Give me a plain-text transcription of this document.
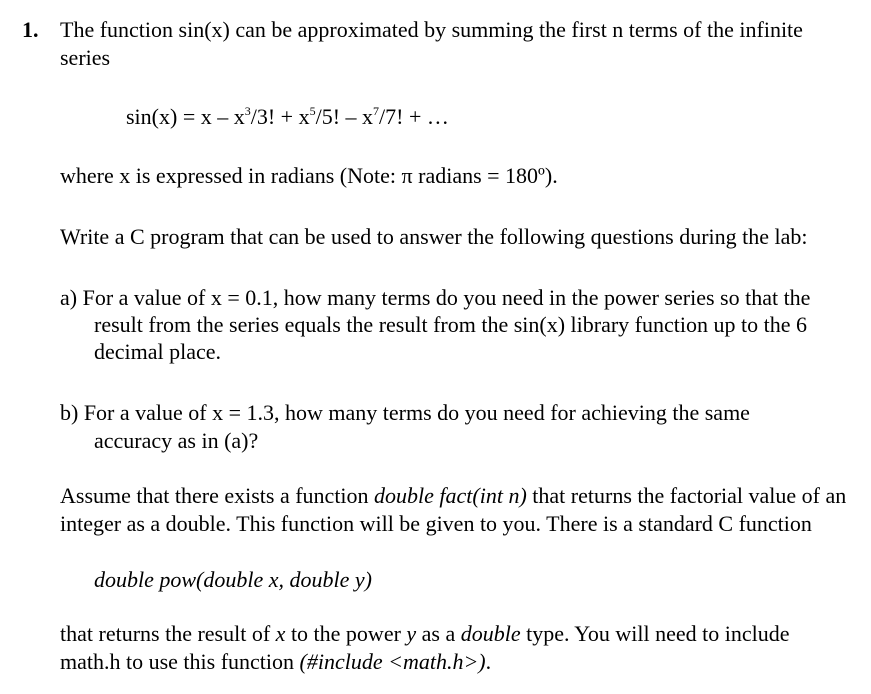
1. The function sin(x) can be approximated by summing the first n terms of the infinite
series
$\sin(x) = x - x^3/3$! + $x^5/5$! – $x^7/7$! + …
where x is expressed in radians (Note: π radians = 180º).
Write a C program that can be used to answer the following questions during the lab:
a) For a value of x = 0.1, how many terms do you need in the power series so that the
result from the series equals the result from the sin(x) library function up to the 6
decimal place.
b) For a value of x = 1.3, how many terms do you need for achieving the same
accuracy as in (a)?
Assume that there exists a function double fact(int n) that returns the factorial value of an
integer as a double. This function will be given to you. There is a standard C function
double pow(double x, double y)
that returns the result of x to the power y as a double type. You will need to include
math.h to use this function (#include <math.h>).
